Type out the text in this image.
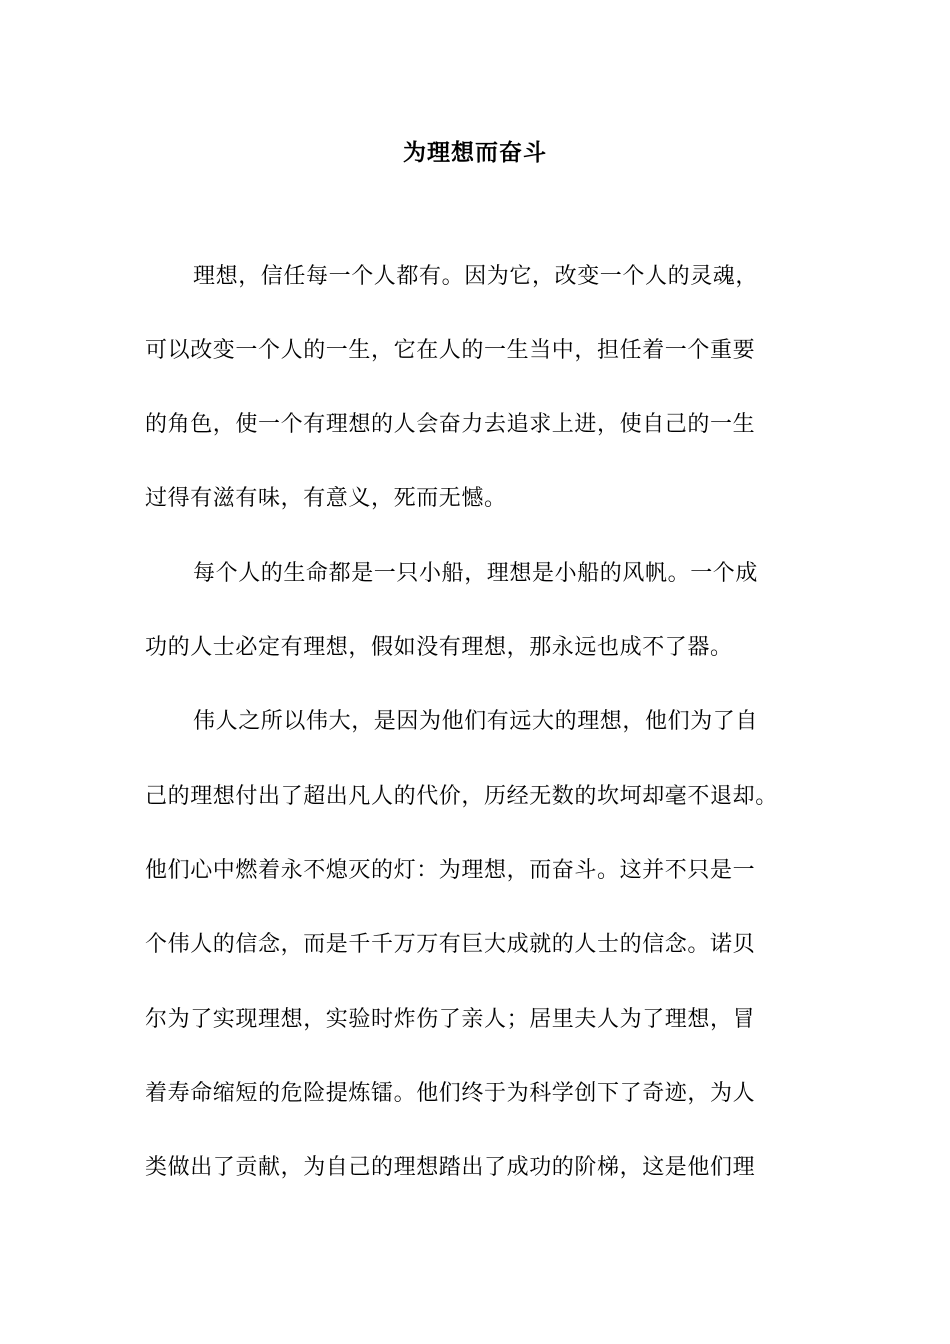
为理想而奋斗
理想，信任每一个人都有。因为它，改变一个人的灵魂，
可以改变一个人的一生，它在人的一生当中，担任着一个重要
的角色，使一个有理想的人会奋力去追求上进，使自己的一生
过得有滋有味，有意义，死而无憾。
每个人的生命都是一只小船，理想是小船的风帆。一个成
功的人士必定有理想，假如没有理想，那永远也成不了器。
伟人之所以伟大，是因为他们有远大的理想，他们为了自
己的理想付出了超出凡人的代价，历经无数的坎坷却毫不退却。
他们心中燃着永不熄灭的灯：为理想，而奋斗。这并不只是一
个伟人的信念，而是千千万万有巨大成就的人士的信念。诺贝
尔为了实现理想，实验时炸伤了亲人；居里夫人为了理想，冒
着寿命缩短的危险提炼镭。他们终于为科学创下了奇迹，为人
类做出了贡献，为自己的理想踏出了成功的阶梯，这是他们理
